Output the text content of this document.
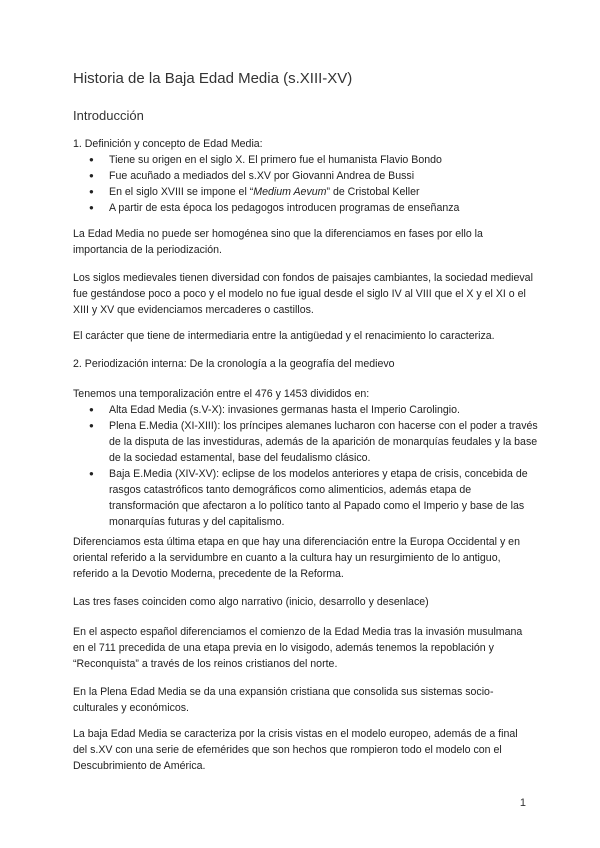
Historia de la Baja Edad Media (s.XIII-XV)
Introducción
1. Definición y concepto de Edad Media:
● Tiene su origen en el siglo X. El primero fue el humanista Flavio Bondo
● Fue acuñado a mediados del s.XV por Giovanni Andrea de Bussi
● En el siglo XVIII se impone el “Medium Aevum” de Cristobal Keller
● A partir de esta época los pedagogos introducen programas de enseñanza
La Edad Media no puede ser homogénea sino que la diferenciamos en fases por ello la importancia de la periodización.
Los siglos medievales tienen diversidad con fondos de paisajes cambiantes, la sociedad medieval fue gestándose poco a poco y el modelo no fue igual desde el siglo IV al VIII que el X y el XI o el XIII y XV que evidenciamos mercaderes o castillos.
El carácter que tiene de intermediaria entre la antigüedad y el renacimiento lo caracteriza.
2. Periodización interna: De la cronología a la geografía del medievo
Tenemos una temporalización entre el 476 y 1453 divididos en:
● Alta Edad Media (s.V-X): invasiones germanas hasta el Imperio Carolingio.
● Plena E.Media (XI-XIII): los príncipes alemanes lucharon con hacerse con el poder a través de la disputa de las investiduras, además de la aparición de monarquías feudales y la base de la sociedad estamental, base del feudalismo clásico.
● Baja E.Media (XIV-XV): eclipse de los modelos anteriores y etapa de crisis, concebida de rasgos catastróficos tanto demográficos como alimenticios, además etapa de transformación que afectaron a lo político tanto al Papado como el Imperio y base de las monarquías futuras y del capitalismo.
Diferenciamos esta última etapa en que hay una diferenciación entre la Europa Occidental y en oriental referido a la servidumbre en cuanto a la cultura hay un resurgimiento de lo antiguo, referido a la Devotio Moderna, precedente de la Reforma.
Las tres fases coinciden como algo narrativo (inicio, desarrollo y desenlace)
En el aspecto español diferenciamos el comienzo de la Edad Media tras la invasión musulmana en el 711 precedida de una etapa previa en lo visigodo, además tenemos la repoblación y “Reconquista” a través de los reinos cristianos del norte.
En la Plena Edad Media se da una expansión cristiana que consolida sus sistemas socio-culturales y económicos.
La baja Edad Media se caracteriza por la crisis vistas en el modelo europeo, además de a final del s.XV con una serie de efemérides que son hechos que rompieron todo el modelo con el Descubrimiento de América.
1
